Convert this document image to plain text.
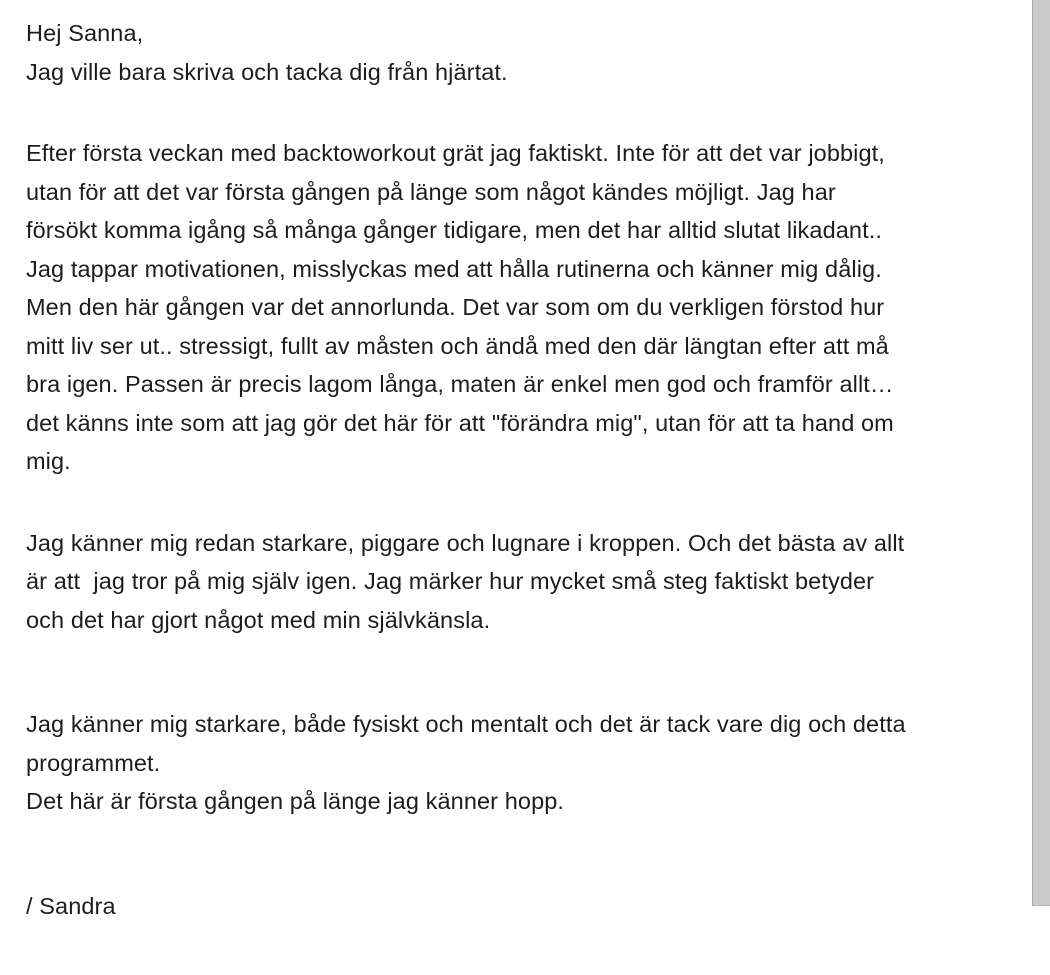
Hej Sanna,
Jag ville bara skriva och tacka dig från hjärtat.
Efter första veckan med backtoworkout grät jag faktiskt. Inte för att det var jobbigt,
utan för att det var första gången på länge som något kändes möjligt. Jag har
försökt komma igång så många gånger tidigare, men det har alltid slutat likadant..
Jag tappar motivationen, misslyckas med att hålla rutinerna och känner mig dålig.
Men den här gången var det annorlunda. Det var som om du verkligen förstod hur
mitt liv ser ut.. stressigt, fullt av måsten och ändå med den där längtan efter att må
bra igen. Passen är precis lagom långa, maten är enkel men god och framför allt…
det känns inte som att jag gör det här för att "förändra mig", utan för att ta hand om
mig.
Jag känner mig redan starkare, piggare och lugnare i kroppen. Och det bästa av allt
är att  jag tror på mig själv igen. Jag märker hur mycket små steg faktiskt betyder
och det har gjort något med min självkänsla.
Jag känner mig starkare, både fysiskt och mentalt och det är tack vare dig och detta
programmet.
Det här är första gången på länge jag känner hopp.
/ Sandra
